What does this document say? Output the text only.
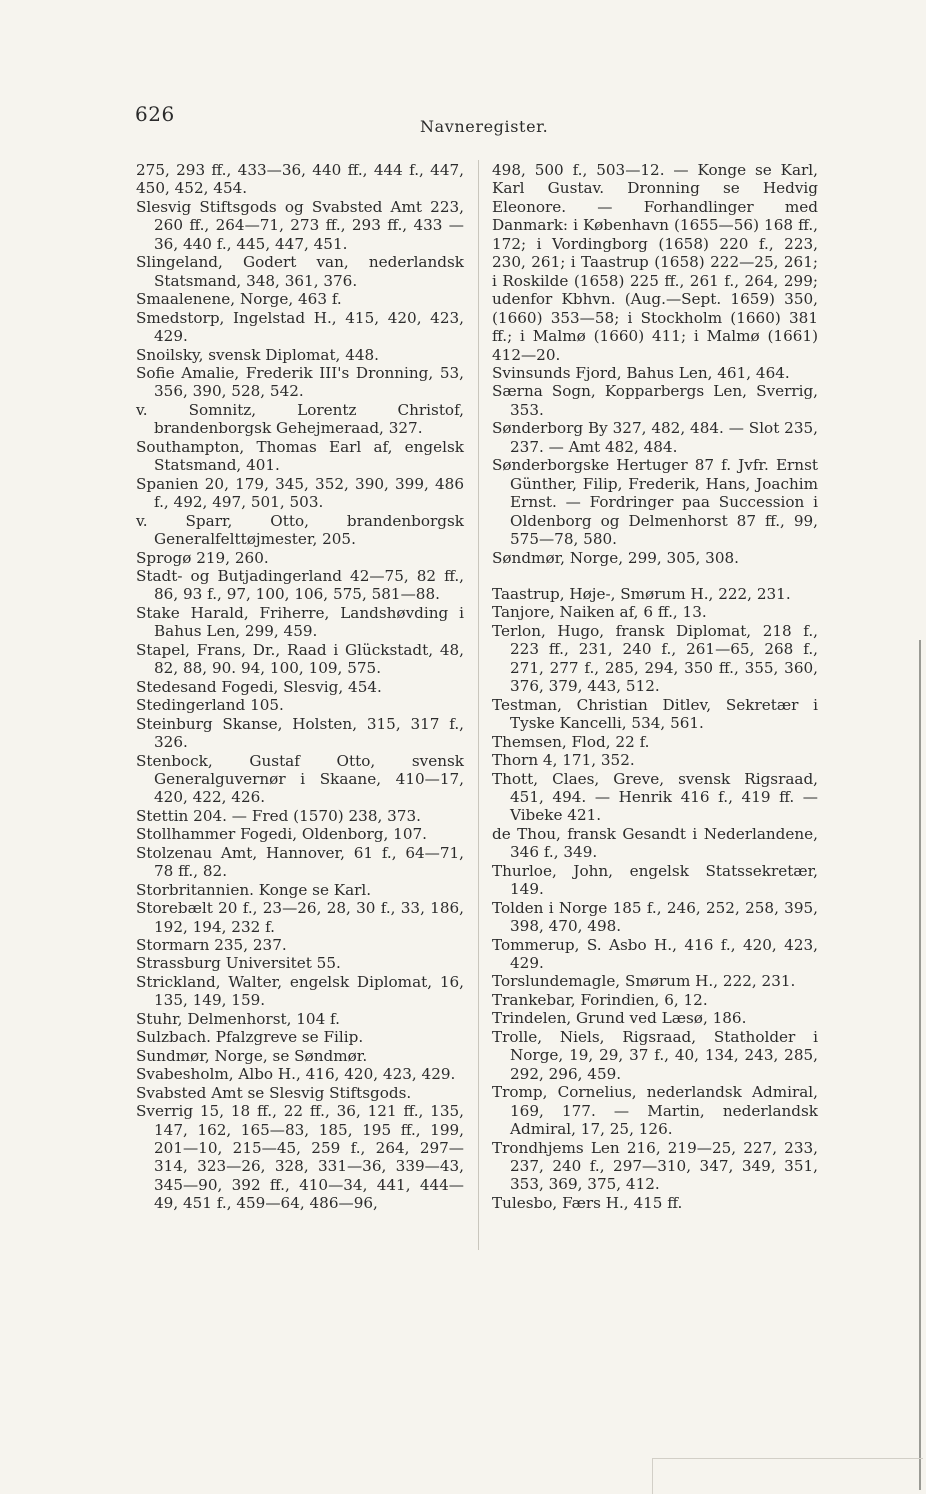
626
Navneregister.

275, 293 ff., 433—36, 440 ff., 444 f., 447, 450, 452, 454.

Slesvig Stiftsgods og Svabsted Amt 223, 260 ff., 264—71, 273 ff., 293 ff., 433 —36, 440 f., 445, 447, 451.

Slingeland, Godert van, nederlandsk Statsmand, 348, 361, 376.

Smaalenene, Norge, 463 f.

Smedstorp, Ingelstad H., 415, 420, 423, 429.

Snoilsky, svensk Diplomat, 448.

Sofie Amalie, Frederik III's Dronning, 53, 356, 390, 528, 542.

v. Somnitz, Lorentz Christof, brandenborgsk Gehejmeraad, 327.

Southampton, Thomas Earl af, engelsk Statsmand, 401.

Spanien 20, 179, 345, 352, 390, 399, 486 f., 492, 497, 501, 503.

v. Sparr, Otto, brandenborgsk Generalfelttøjmester, 205.

Sprogø 219, 260.

Stadt- og Butjadingerland 42—75, 82 ff., 86, 93 f., 97, 100, 106, 575, 581—88.

Stake Harald, Friherre, Landshøvding i Bahus Len, 299, 459.

Stapel, Frans, Dr., Raad i Glückstadt, 48, 82, 88, 90. 94, 100, 109, 575.

Stedesand Fogedi, Slesvig, 454.

Stedingerland 105.

Steinburg Skanse, Holsten, 315, 317 f., 326.

Stenbock, Gustaf Otto, svensk Generalguvernør i Skaane, 410—17, 420, 422, 426.

Stettin 204. — Fred (1570) 238, 373.

Stollhammer Fogedi, Oldenborg, 107.

Stolzenau Amt, Hannover, 61 f., 64—71, 78 ff., 82.

Storbritannien. Konge se Karl.

Storebælt 20 f., 23—26, 28, 30 f., 33, 186, 192, 194, 232 f.

Stormarn 235, 237.

Strassburg Universitet 55.

Strickland, Walter, engelsk Diplomat, 16, 135, 149, 159.

Stuhr, Delmenhorst, 104 f.

Sulzbach. Pfalzgreve se Filip.

Sundmør, Norge, se Søndmør.

Svabesholm, Albo H., 416, 420, 423, 429.

Svabsted Amt se Slesvig Stiftsgods.

Sverrig 15, 18 ff., 22 ff., 36, 121 ff., 135, 147, 162, 165—83, 185, 195 ff., 199, 201—10, 215—45, 259 f., 264, 297—314, 323—26, 328, 331—36, 339—43, 345—90, 392 ff., 410—34, 441, 444—49, 451 f., 459—64, 486—96,

498, 500 f., 503—12. — Konge se Karl, Karl Gustav. Dronning se Hedvig Eleonore. — Forhandlinger med Danmark: i København (1655—56) 168 ff., 172; i Vordingborg (1658) 220 f., 223, 230, 261; i Taastrup (1658) 222—25, 261; i Roskilde (1658) 225 ff., 261 f., 264, 299; udenfor Kbhvn. (Aug.—Sept. 1659) 350, (1660) 353—58; i Stockholm (1660) 381 ff.; i Malmø (1660) 411; i Malmø (1661) 412—20.

Svinsunds Fjord, Bahus Len, 461, 464.

Særna Sogn, Kopparbergs Len, Sverrig, 353.

Sønderborg By 327, 482, 484. — Slot 235, 237. — Amt 482, 484.

Sønderborgske Hertuger 87 f. Jvfr. Ernst Günther, Filip, Frederik, Hans, Joachim Ernst. — Fordringer paa Succession i Oldenborg og Delmenhorst 87 ff., 99, 575—78, 580.

Søndmør, Norge, 299, 305, 308.

Taastrup, Høje-, Smørum H., 222, 231.

Tanjore, Naiken af, 6 ff., 13.

Terlon, Hugo, fransk Diplomat, 218 f., 223 ff., 231, 240 f., 261—65, 268 f., 271, 277 f., 285, 294, 350 ff., 355, 360, 376, 379, 443, 512.

Testman, Christian Ditlev, Sekretær i Tyske Kancelli, 534, 561.

Themsen, Flod, 22 f.

Thorn 4, 171, 352.

Thott, Claes, Greve, svensk Rigsraad, 451, 494. — Henrik 416 f., 419 ff. — Vibeke 421.

de Thou, fransk Gesandt i Nederlandene, 346 f., 349.

Thurloe, John, engelsk Statssekretær, 149.

Tolden i Norge 185 f., 246, 252, 258, 395, 398, 470, 498.

Tommerup, S. Asbo H., 416 f., 420, 423, 429.

Torslundemagle, Smørum H., 222, 231.

Trankebar, Forindien, 6, 12.

Trindelen, Grund ved Læsø, 186.

Trolle, Niels, Rigsraad, Statholder i Norge, 19, 29, 37 f., 40, 134, 243, 285, 292, 296, 459.

Tromp, Cornelius, nederlandsk Admiral, 169, 177. — Martin, nederlandsk Admiral, 17, 25, 126.

Trondhjems Len 216, 219—25, 227, 233, 237, 240 f., 297—310, 347, 349, 351, 353, 369, 375, 412.

Tulesbo, Færs H., 415 ff.
